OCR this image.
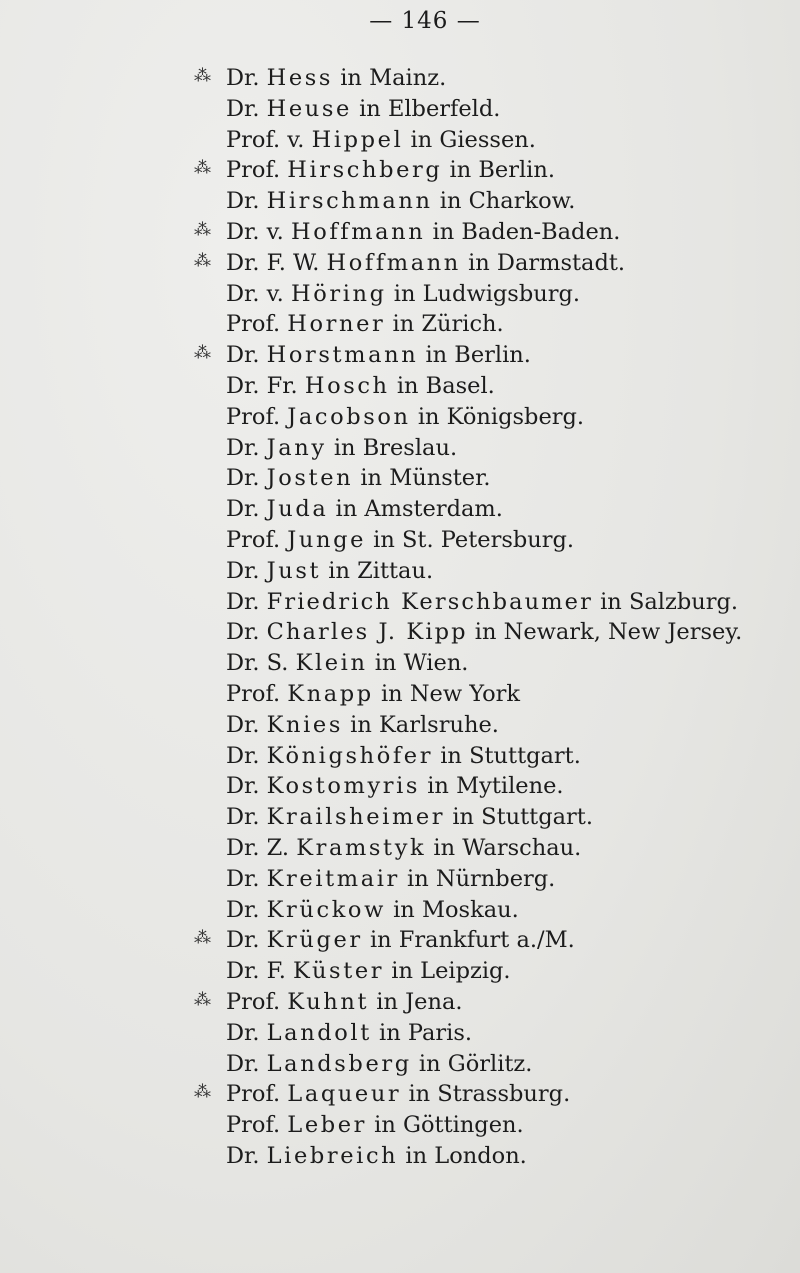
— 146 —
⁂ Dr. Hess in Mainz.
Dr. Heuse in Elberfeld.
Prof. v. Hippel in Giessen.
⁂ Prof. Hirschberg in Berlin.
Dr. Hirschmann in Charkow.
⁂ Dr. v. Hoffmann in Baden-Baden.
⁂ Dr. F. W. Hoffmann in Darmstadt.
Dr. v. Höring in Ludwigsburg.
Prof. Horner in Zürich.
⁂ Dr. Horstmann in Berlin.
Dr. Fr. Hosch in Basel.
Prof. Jacobson in Königsberg.
Dr. Jany in Breslau.
Dr. Josten in Münster.
Dr. Juda in Amsterdam.
Prof. Junge in St. Petersburg.
Dr. Just in Zittau.
Dr. Friedrich Kerschbaumer in Salzburg.
Dr. Charles J. Kipp in Newark, New Jersey.
Dr. S. Klein in Wien.
Prof. Knapp in New York
Dr. Knies in Karlsruhe.
Dr. Königshöfer in Stuttgart.
Dr. Kostomyris in Mytilene.
Dr. Krailsheimer in Stuttgart.
Dr. Z. Kramstyk in Warschau.
Dr. Kreitmair in Nürnberg.
Dr. Krückow in Moskau.
⁂ Dr. Krüger in Frankfurt a./M.
Dr. F. Küster in Leipzig.
⁂ Prof. Kuhnt in Jena.
Dr. Landolt in Paris.
Dr. Landsberg in Görlitz.
⁂ Prof. Laqueur in Strassburg.
Prof. Leber in Göttingen.
Dr. Liebreich in London.
